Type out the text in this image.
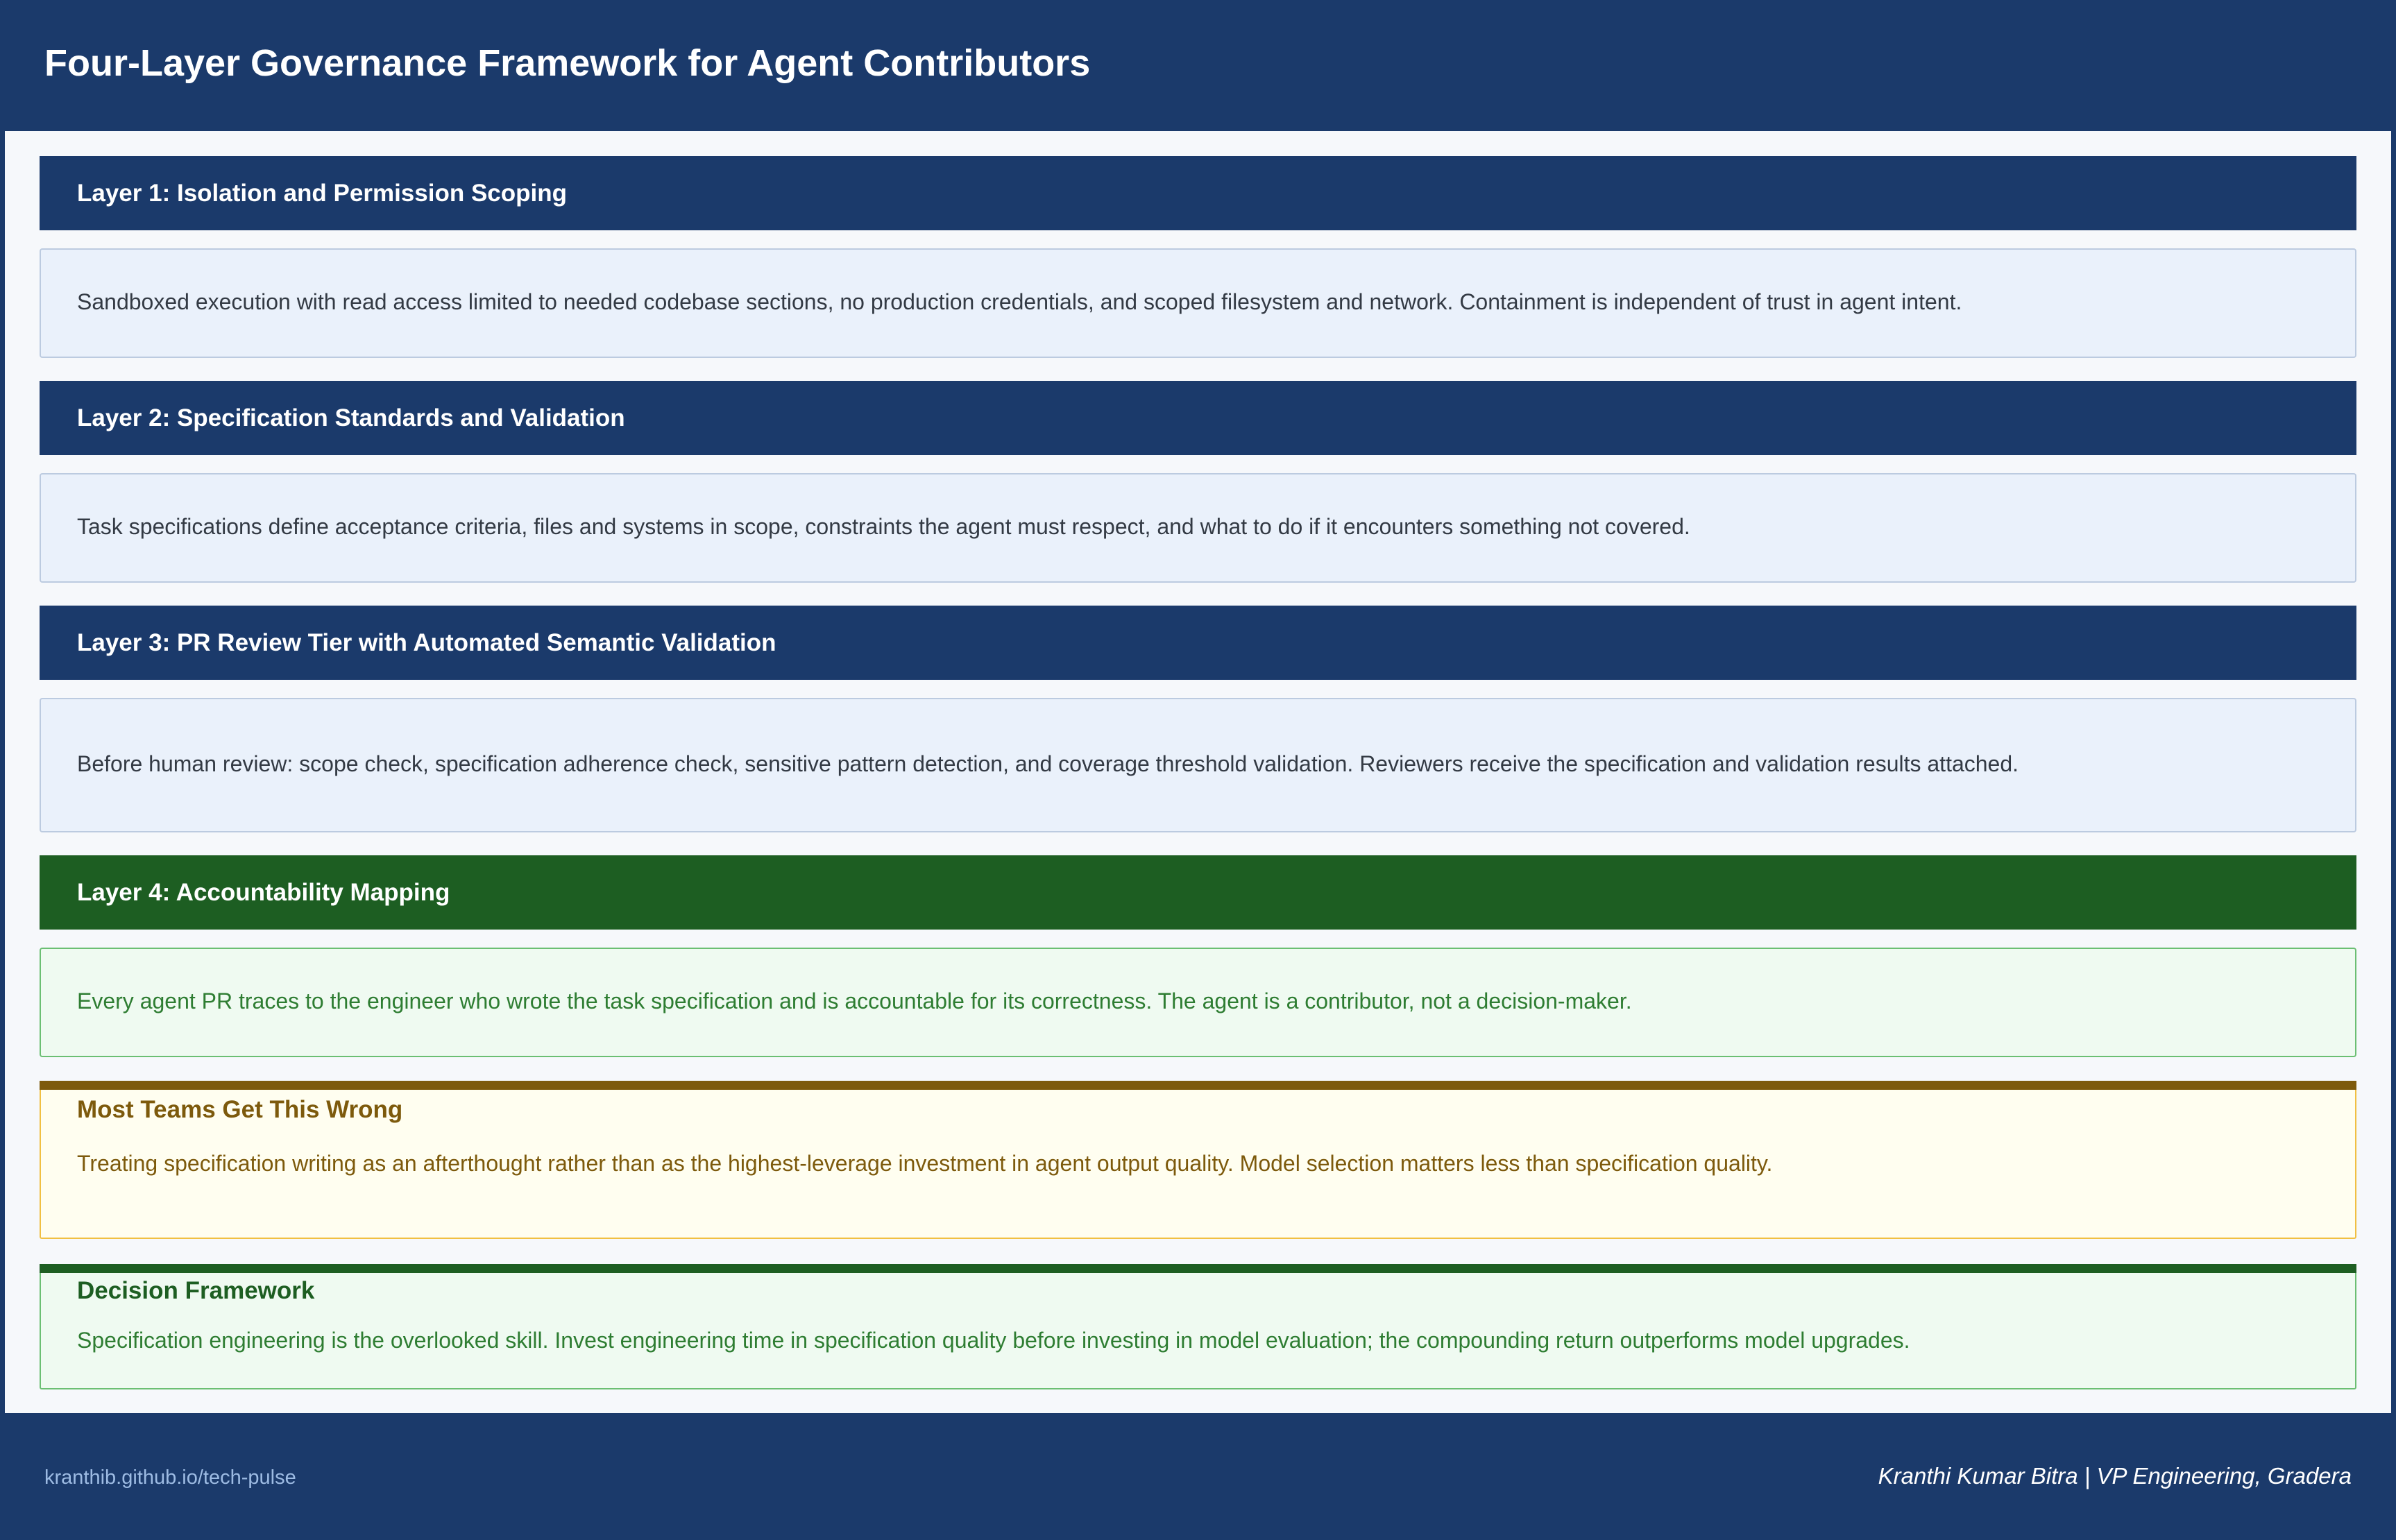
Four-Layer Governance Framework for Agent Contributors
Layer 1: Isolation and Permission Scoping
Sandboxed execution with read access limited to needed codebase sections, no production credentials, and scoped filesystem and network. Containment is independent of trust in agent intent.
Layer 2: Specification Standards and Validation
Task specifications define acceptance criteria, files and systems in scope, constraints the agent must respect, and what to do if it encounters something not covered.
Layer 3: PR Review Tier with Automated Semantic Validation
Before human review: scope check, specification adherence check, sensitive pattern detection, and coverage threshold validation. Reviewers receive the specification and validation results attached.
Layer 4: Accountability Mapping
Every agent PR traces to the engineer who wrote the task specification and is accountable for its correctness. The agent is a contributor, not a decision-maker.
Most Teams Get This Wrong
Treating specification writing as an afterthought rather than as the highest-leverage investment in agent output quality. Model selection matters less than specification quality.
Decision Framework
Specification engineering is the overlooked skill. Invest engineering time in specification quality before investing in model evaluation; the compounding return outperforms model upgrades.
kranthib.github.io/tech-pulse	Kranthi Kumar Bitra | VP Engineering, Gradera
